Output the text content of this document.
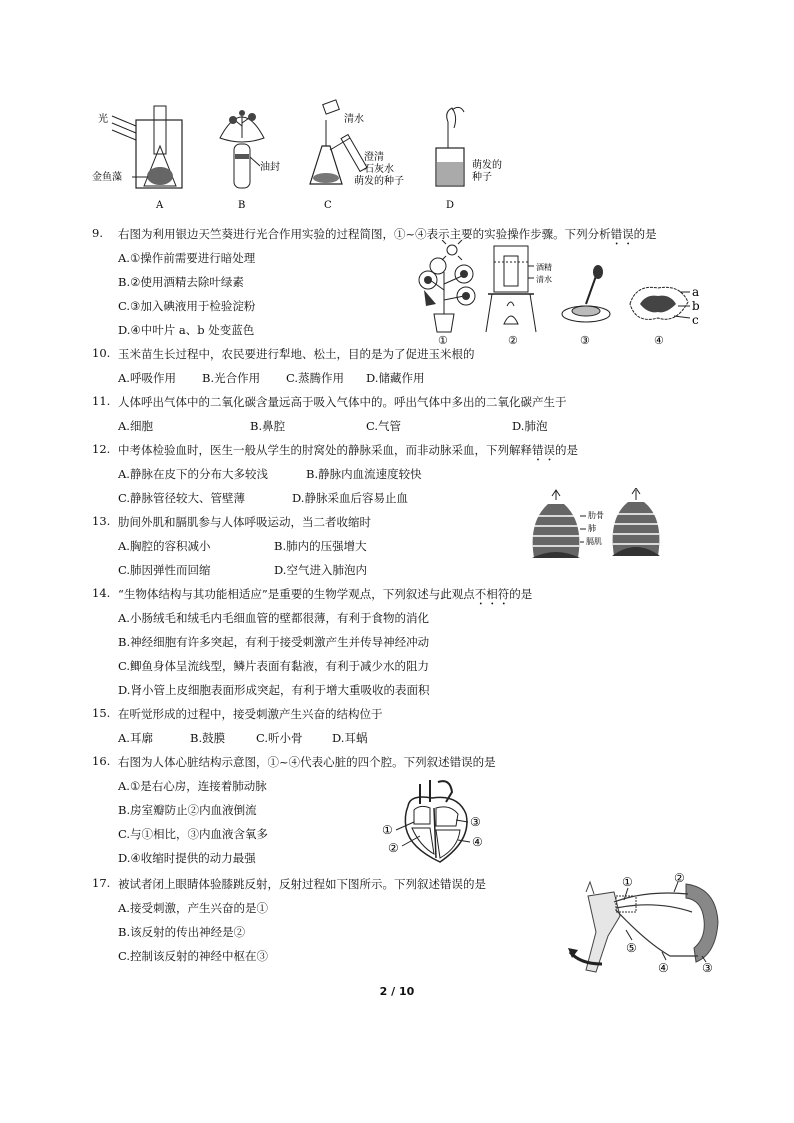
光
金鱼藻
A
油封
B
清水
澄清
石灰水
萌发的种子
C
萌发的
种子
D
9. 右图为利用银边天竺葵进行光合作用实验的过程简图，①~④表示主要的实验操作步骤。下列分析错误的是
A.①操作前需要进行暗处理
B.②使用酒精去除叶绿素
C.③加入碘液用于检验淀粉
D.④中叶片 a、b 处变蓝色
①
酒精
清水
②	③
a
b
c
④
10. 玉米苗生长过程中，农民要进行犁地、松土，目的是为了促进玉米根的
A.呼吸作用 B.光合作用 C.蒸腾作用 D.储藏作用
11. 人体呼出气体中的二氧化碳含量远高于吸入气体中的。呼出气体中多出的二氧化碳产生于
A.细胞	B.鼻腔	C.气管	D.肺泡
12. 中考体检验血时，医生一般从学生的肘窝处的静脉采血，而非动脉采血，下列解释错误的是
A.静脉在皮下的分布大多较浅	B.静脉内血流速度较快
C.静脉管径较大、管壁薄	D.静脉采血后容易止血
13. 肋间外肌和膈肌参与人体呼吸运动，当二者收缩时
A.胸腔的容积减小	B.肺内的压强增大
C.肺因弹性而回缩	D.空气进入肺泡内
肋骨
肺
膈肌
14. “生物体结构与其功能相适应”是重要的生物学观点，下列叙述与此观点不相符的是
A.小肠绒毛和绒毛内毛细血管的壁都很薄，有利于食物的消化
B.神经细胞有许多突起，有利于接受刺激产生并传导神经冲动
C.鲫鱼身体呈流线型，鳞片表面有黏液，有利于减少水的阻力
D.肾小管上皮细胞表面形成突起，有利于增大重吸收的表面积
15. 在听觉形成的过程中，接受刺激产生兴奋的结构位于
A.耳廓	B.鼓膜	C.听小骨	D.耳蜗
16. 右图为人体心脏结构示意图，①~④代表心脏的四个腔。下列叙述错误的是
A.①是右心房，连接着肺动脉
B.房室瓣防止②内血液倒流
C.与①相比，③内血液含氧多
D.④收缩时提供的动力最强
①
②
③
④
17. 被试者闭上眼睛体验膝跳反射，反射过程如下图所示。下列叙述错误的是
A.接受刺激，产生兴奋的是①
B.该反射的传出神经是②
C.控制该反射的神经中枢在③
①	②
③
④
⑤
2 / 10
